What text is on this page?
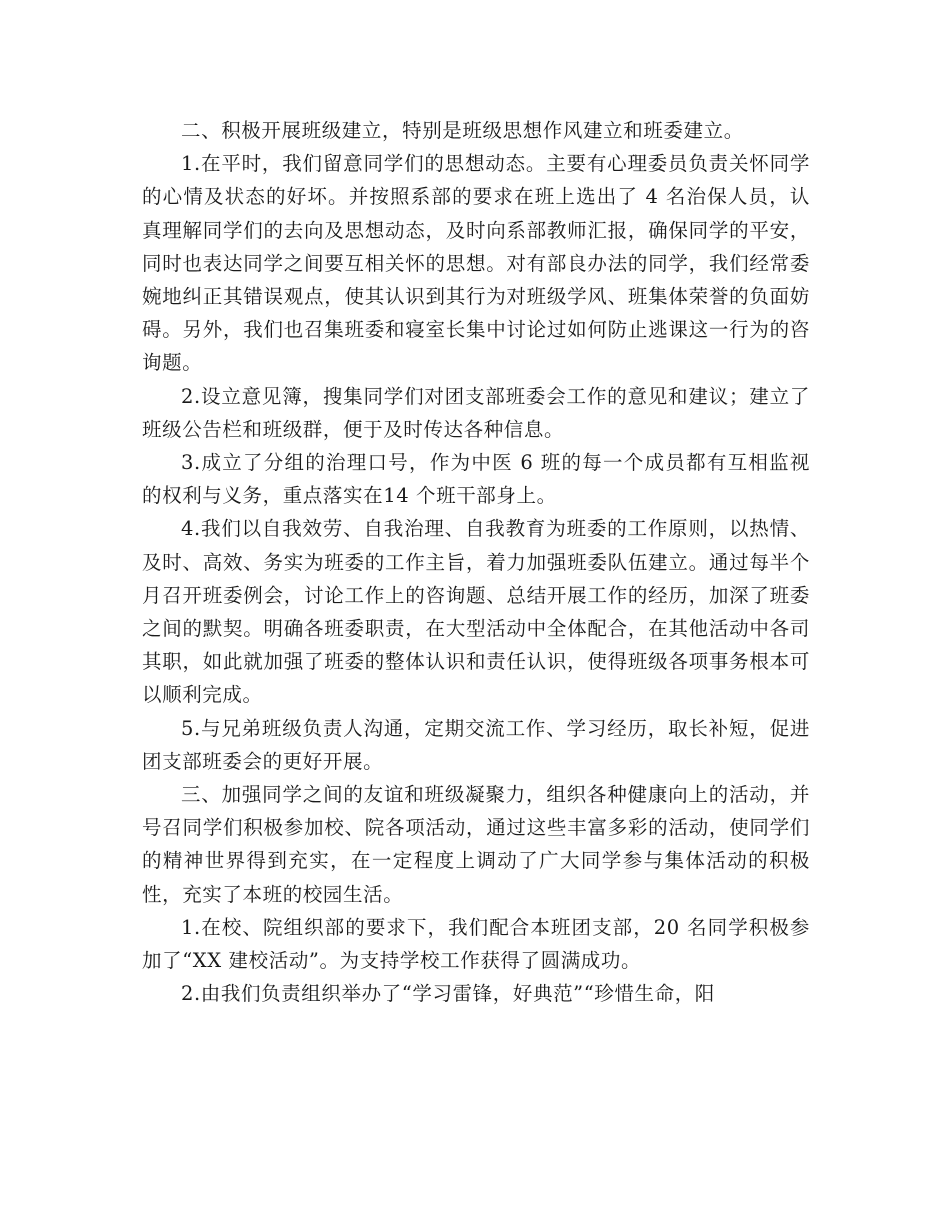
二、积极开展班级建立，特别是班级思想作风建立和班委建立。

1.在平时，我们留意同学们的思想动态。主要有心理委员负责关怀同学的心情及状态的好坏。并按照系部的要求在班上选出了 4 名治保人员，认真理解同学们的去向及思想动态，及时向系部教师汇报，确保同学的平安，同时也表达同学之间要互相关怀的思想。对有部良办法的同学，我们经常委婉地纠正其错误观点，使其认识到其行为对班级学风、班集体荣誉的负面妨碍。另外，我们也召集班委和寝室长集中讨论过如何防止逃课这一行为的咨询题。

2.设立意见簿，搜集同学们对团支部班委会工作的意见和建议；建立了班级公告栏和班级群，便于及时传达各种信息。

3.成立了分组的治理口号，作为中医 6 班的每一个成员都有互相监视的权利与义务，重点落实在14 个班干部身上。

4.我们以自我效劳、自我治理、自我教育为班委的工作原则，以热情、及时、高效、务实为班委的工作主旨，着力加强班委队伍建立。通过每半个月召开班委例会，讨论工作上的咨询题、总结开展工作的经历，加深了班委之间的默契。明确各班委职责，在大型活动中全体配合，在其他活动中各司其职，如此就加强了班委的整体认识和责任认识，使得班级各项事务根本可以顺利完成。

5.与兄弟班级负责人沟通，定期交流工作、学习经历，取长补短，促进团支部班委会的更好开展。

三、加强同学之间的友谊和班级凝聚力，组织各种健康向上的活动，并号召同学们积极参加校、院各项活动，通过这些丰富多彩的活动，使同学们的精神世界得到充实，在一定程度上调动了广大同学参与集体活动的积极性，充实了本班的校园生活。

1.在校、院组织部的要求下，我们配合本班团支部，20 名同学积极参加了“XX 建校活动”。为支持学校工作获得了圆满成功。

2.由我们负责组织举办了“学习雷锋，好典范”“珍惜生命，阳
